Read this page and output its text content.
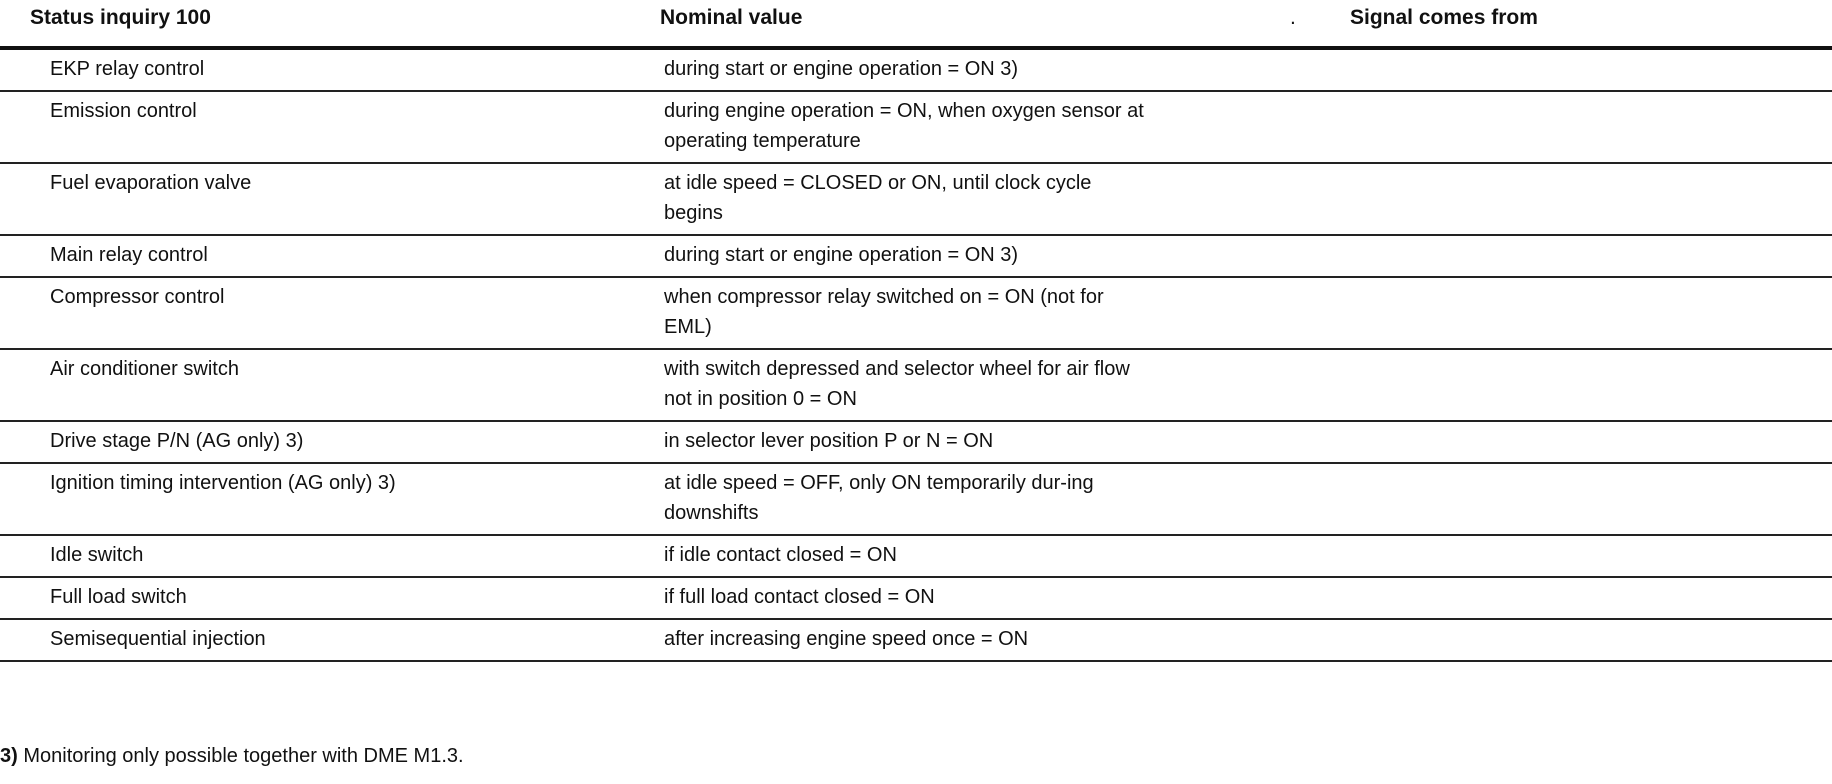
Status inquiry 100	Nominal value	. Signal comes from
EKP relay control	during start or engine operation = ON 3)	

Emission control	during engine operation = ON, when oxygen sensor at operating temperature	

Fuel evaporation valve	at idle speed = CLOSED or ON, until clock cycle begins	

Main relay control	during start or engine operation = ON 3)	

Compressor control	when compressor relay switched on = ON (not for EML)	

Air conditioner switch	with switch depressed and selector wheel for air flow not in position 0 = ON	

Drive stage P/N (AG only) 3)	in selector lever position P or N = ON	

Ignition timing intervention (AG only) 3)	at idle speed = OFF, only ON temporarily dur-ing downshifts	

Idle switch	if idle contact closed = ON	

Full load switch	if full load contact closed = ON	

Semisequential injection	after increasing engine speed once = ON	

3) Monitoring only possible together with DME M1.3.
